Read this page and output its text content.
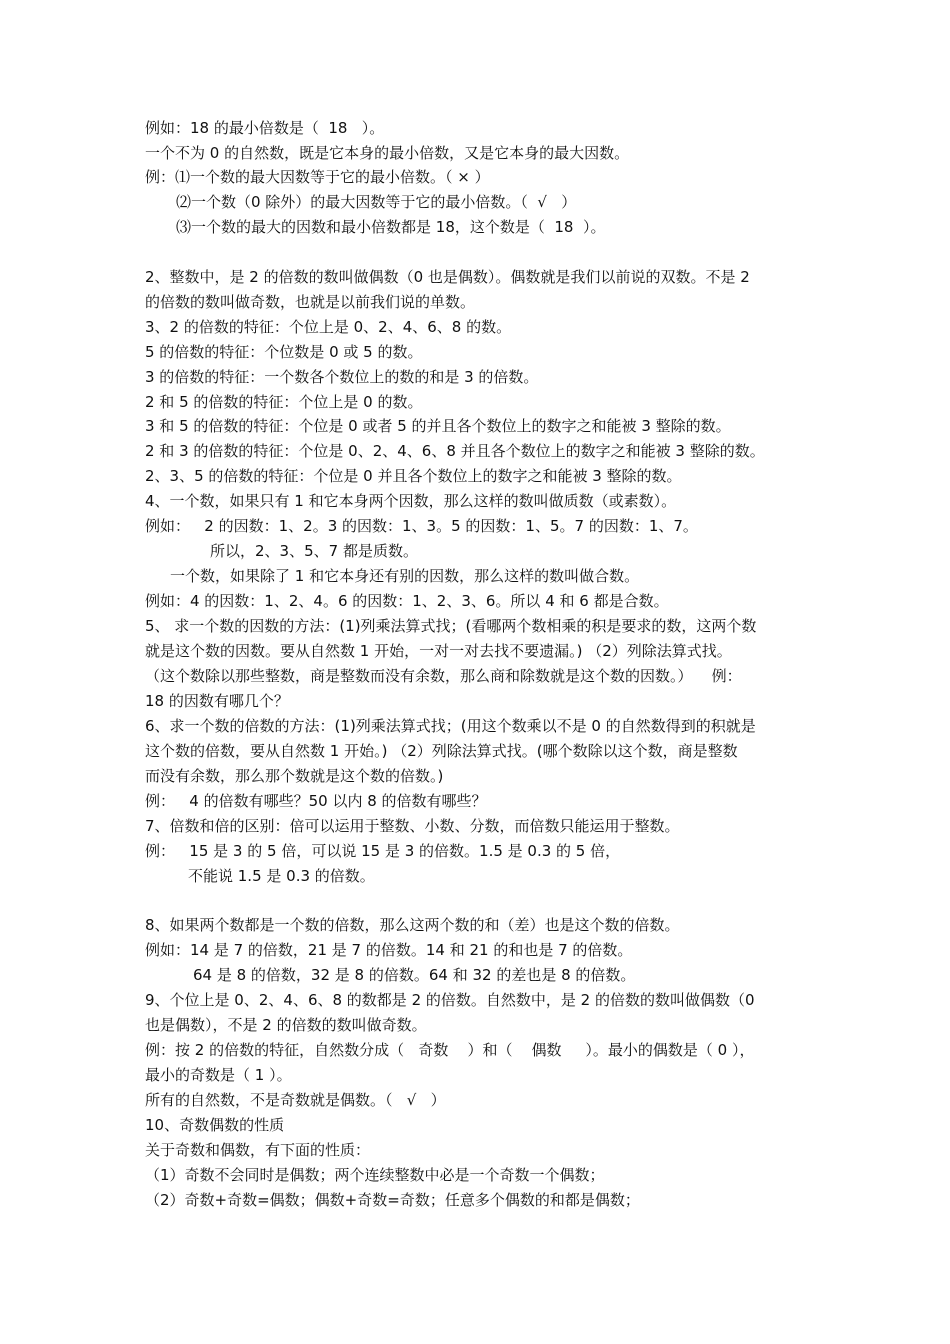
例如：18 的最小倍数是（  18   ）。

一个不为 0 的自然数，既是它本身的最小倍数，又是它本身的最大因数。

例：⑴一个数的最大因数等于它的最小倍数。（ × ）

⑵一个数（0 除外）的最大因数等于它的最小倍数。（  √   ）

⑶一个数的最大的因数和最小倍数都是 18，这个数是（  18  ）。

2、整数中，是 2 的倍数的数叫做偶数（0 也是偶数）。偶数就是我们以前说的双数。不是 2

的倍数的数叫做奇数，也就是以前我们说的单数。

3、2 的倍数的特征：个位上是 0、2、4、6、8 的数。

5 的倍数的特征：个位数是 0 或 5 的数。

3 的倍数的特征：一个数各个数位上的数的和是 3 的倍数。

2 和 5 的倍数的特征：个位上是 0 的数。

3 和 5 的倍数的特征：个位是 0 或者 5 的并且各个数位上的数字之和能被 3 整除的数。

2 和 3 的倍数的特征：个位是 0、2、4、6、8 并且各个数位上的数字之和能被 3 整除的数。

2、3、5 的倍数的特征：个位是 0 并且各个数位上的数字之和能被 3 整除的数。

4、一个数，如果只有 1 和它本身两个因数，那么这样的数叫做质数（或素数）。

例如：   2 的因数：1、2。3 的因数：1、3。5 的因数：1、5。7 的因数：1、7。

所以，2、3、5、7 都是质数。

一个数，如果除了 1 和它本身还有别的因数，那么这样的数叫做合数。

例如：4 的因数：1、2、4。6 的因数：1、2、3、6。所以 4 和 6 都是合数。

5、 求一个数的因数的方法：(1)列乘法算式找；(看哪两个数相乘的积是要求的数，这两个数

就是这个数的因数。要从自然数 1 开始，一对一对去找不要遗漏。) （2）列除法算式找。

（这个数除以那些整数，商是整数而没有余数，那么商和除数就是这个数的因数。）    例：

18 的因数有哪几个？

6、求一个数的倍数的方法：(1)列乘法算式找；(用这个数乘以不是 0 的自然数得到的积就是

这个数的倍数，要从自然数 1 开始。) （2）列除法算式找。(哪个数除以这个数，商是整数

而没有余数，那么那个数就是这个数的倍数。)

例：   4 的倍数有哪些？50 以内 8 的倍数有哪些？

7、倍数和倍的区别：倍可以运用于整数、小数、分数，而倍数只能运用于整数。

例：   15 是 3 的 5 倍，可以说 15 是 3 的倍数。1.5 是 0.3 的 5 倍，

不能说 1.5 是 0.3 的倍数。

8、如果两个数都是一个数的倍数，那么这两个数的和（差）也是这个数的倍数。

例如：14 是 7 的倍数，21 是 7 的倍数。14 和 21 的和也是 7 的倍数。

64 是 8 的倍数，32 是 8 的倍数。64 和 32 的差也是 8 的倍数。

9、个位上是 0、2、4、6、8 的数都是 2 的倍数。自然数中，是 2 的倍数的数叫做偶数（0

也是偶数），不是 2 的倍数的数叫做奇数。

例：按 2 的倍数的特征，自然数分成（   奇数    ）和（    偶数     ）。最小的偶数是（ 0 ），

最小的奇数是（ 1 ）。

所有的自然数，不是奇数就是偶数。（   √   ）

10、奇数偶数的性质

关于奇数和偶数，有下面的性质：

（1）奇数不会同时是偶数；两个连续整数中必是一个奇数一个偶数；

（2）奇数+奇数=偶数；偶数+奇数=奇数；任意多个偶数的和都是偶数；
